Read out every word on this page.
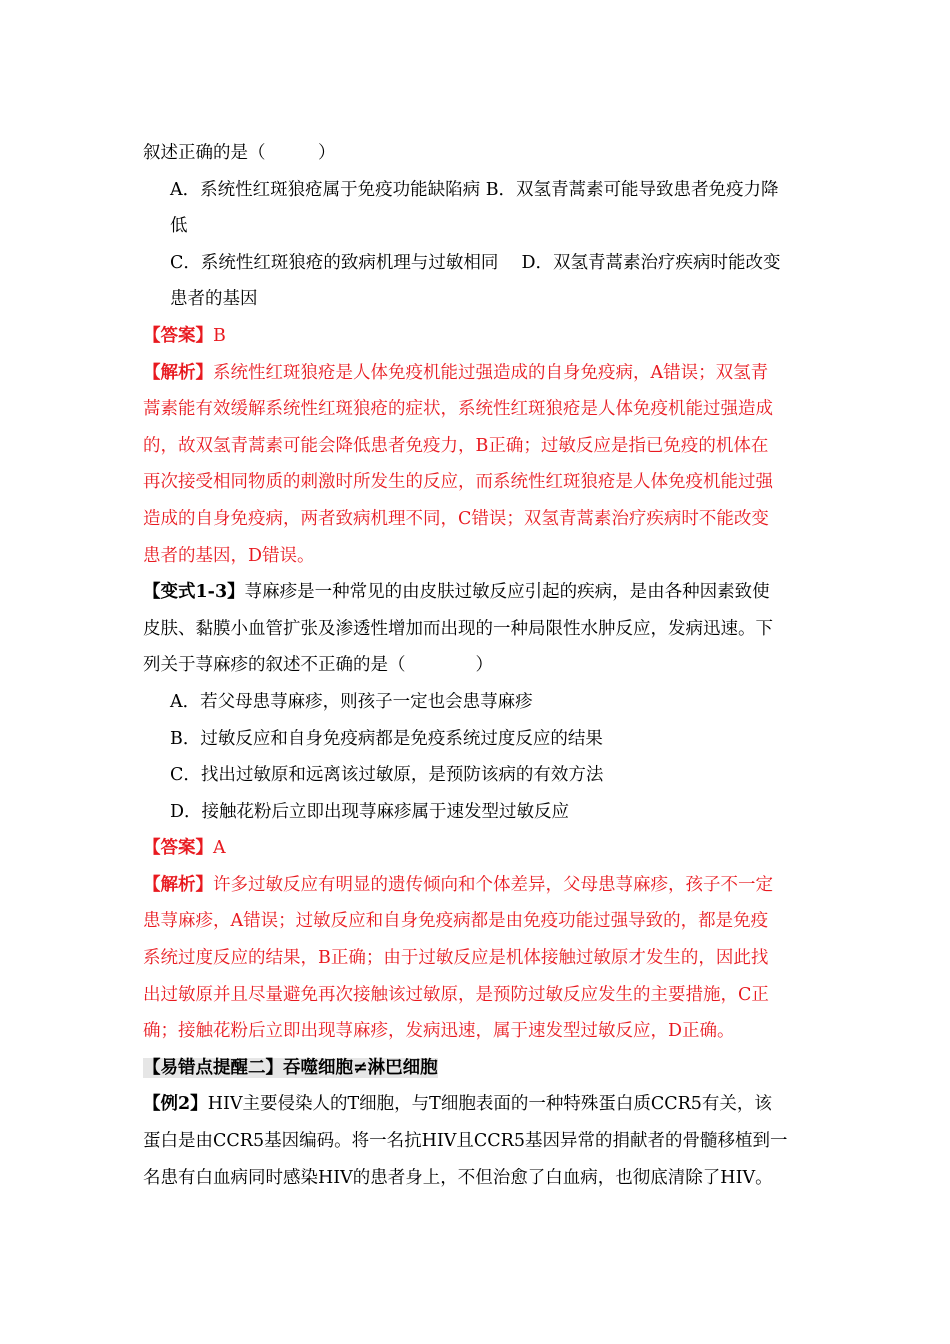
叙述正确的是（　　　）
A．系统性红斑狼疮属于免疫功能缺陷病 B．双氢青蒿素可能导致患者免疫力降
低
C．系统性红斑狼疮的致病机理与过敏相同　 D．双氢青蒿素治疗疾病时能改变
患者的基因
【答案】B
【解析】系统性红斑狼疮是人体免疫机能过强造成的自身免疫病，A错误；双氢青
蒿素能有效缓解系统性红斑狼疮的症状，系统性红斑狼疮是人体免疫机能过强造成
的，故双氢青蒿素可能会降低患者免疫力，B正确；过敏反应是指已免疫的机体在
再次接受相同物质的刺激时所发生的反应，而系统性红斑狼疮是人体免疫机能过强
造成的自身免疫病，两者致病机理不同，C错误；双氢青蒿素治疗疾病时不能改变
患者的基因，D错误。
【变式1-3】荨麻疹是一种常见的由皮肤过敏反应引起的疾病，是由各种因素致使
皮肤、黏膜小血管扩张及渗透性增加而出现的一种局限性水肿反应，发病迅速。下
列关于荨麻疹的叙述不正确的是（　　　　）
A．若父母患荨麻疹，则孩子一定也会患荨麻疹
B．过敏反应和自身免疫病都是免疫系统过度反应的结果
C．找出过敏原和远离该过敏原，是预防该病的有效方法
D．接触花粉后立即出现荨麻疹属于速发型过敏反应
【答案】A
【解析】许多过敏反应有明显的遗传倾向和个体差异，父母患荨麻疹，孩子不一定
患荨麻疹，A错误；过敏反应和自身免疫病都是由免疫功能过强导致的，都是免疫
系统过度反应的结果，B正确；由于过敏反应是机体接触过敏原才发生的，因此找
出过敏原并且尽量避免再次接触该过敏原，是预防过敏反应发生的主要措施，C正
确；接触花粉后立即出现荨麻疹，发病迅速，属于速发型过敏反应，D正确。
【易错点提醒二】吞噬细胞≠淋巴细胞
【例2】HIV主要侵染人的T细胞，与T细胞表面的一种特殊蛋白质CCR5有关，该
蛋白是由CCR5基因编码。将一名抗HIV且CCR5基因异常的捐献者的骨髓移植到一
名患有白血病同时感染HIV的患者身上，不但治愈了白血病，也彻底清除了HIV。
